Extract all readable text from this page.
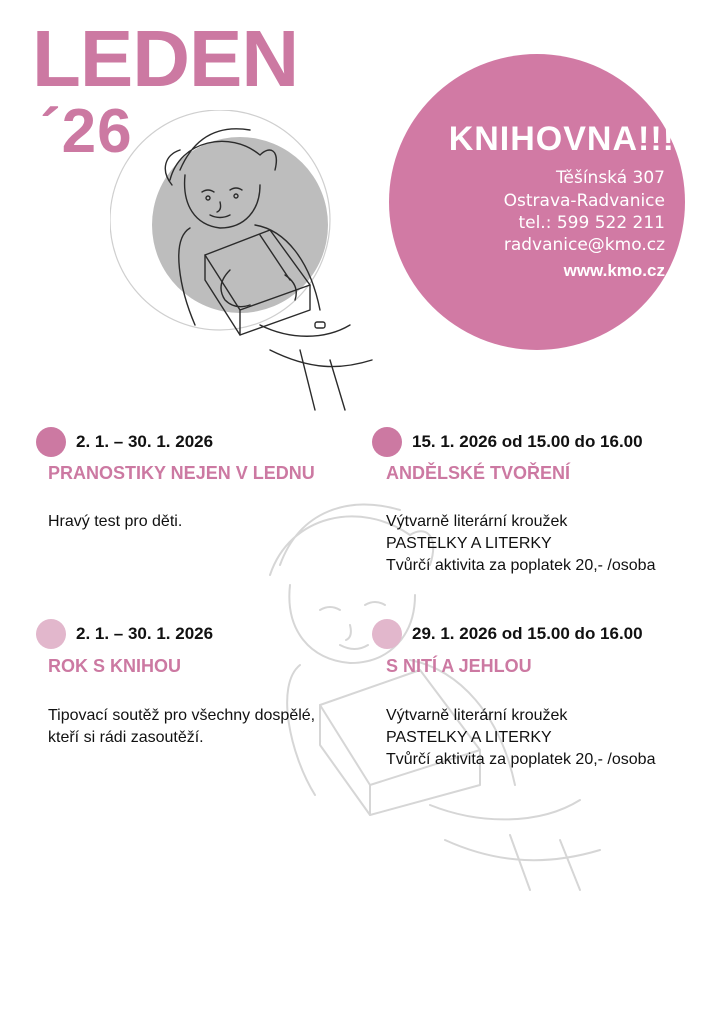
LEDEN
´26	KNIHOVNA!!!
Těšínská 307
Ostrava-Radvanice
tel.: 599 522 211
radvanice@kmo.cz
www.kmo.cz
2. 1. – 30. 1. 2026
PRANOSTIKY NEJEN V LEDNU
Hravý test pro děti.
15. 1. 2026 od 15.00 do 16.00
ANDĚLSKÉ TVOŘENÍ
Výtvarně literární kroužek
PASTELKY A LITERKY
Tvůrčí aktivita za poplatek 20,- /osoba
2. 1. – 30. 1. 2026
ROK S KNIHOU
Tipovací soutěž pro všechny dospělé,
kteří si rádi zasoutěží.
29. 1. 2026 od 15.00 do 16.00
S NITÍ A JEHLOU
Výtvarně literární kroužek
PASTELKY A LITERKY
Tvůrčí aktivita za poplatek 20,- /osoba
